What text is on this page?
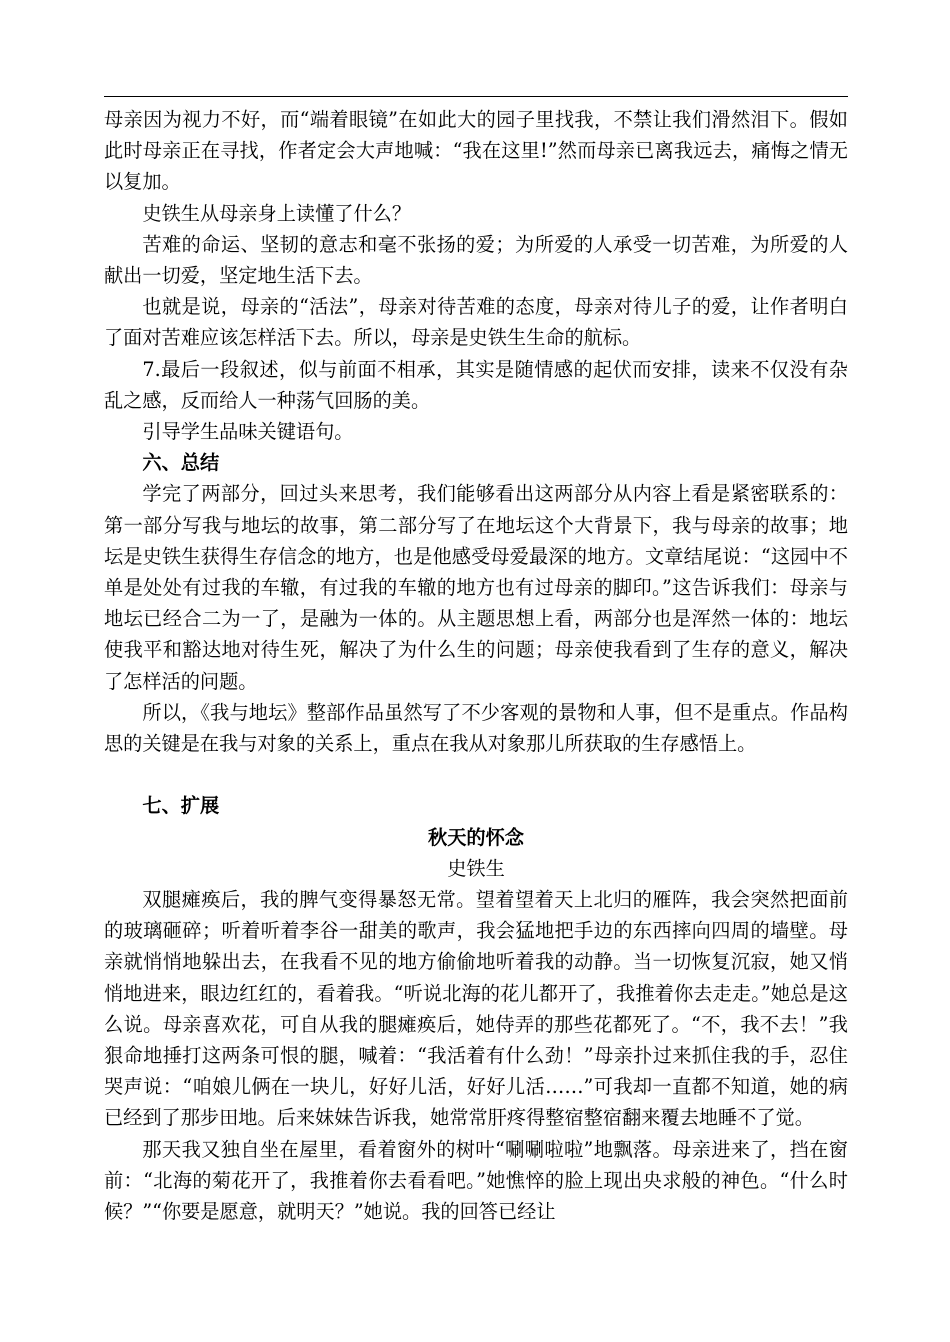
母亲因为视力不好，而“端着眼镜”在如此大的园子里找我，不禁让我们滑然泪下。假如此时母亲正在寻找，作者定会大声地喊：“我在这里!”然而母亲已离我远去，痛悔之情无以复加。

史铁生从母亲身上读懂了什么？

苦难的命运、坚韧的意志和毫不张扬的爱；为所爱的人承受一切苦难，为所爱的人献出一切爱，坚定地生活下去。

也就是说，母亲的“活法”，母亲对待苦难的态度，母亲对待儿子的爱，让作者明白了面对苦难应该怎样活下去。所以，母亲是史铁生生命的航标。

7.最后一段叙述，似与前面不相承，其实是随情感的起伏而安排，读来不仅没有杂乱之感，反而给人一种荡气回肠的美。

引导学生品味关键语句。

六、总结

学完了两部分，回过头来思考，我们能够看出这两部分从内容上看是紧密联系的：第一部分写我与地坛的故事，第二部分写了在地坛这个大背景下，我与母亲的故事；地坛是史铁生获得生存信念的地方，也是他感受母爱最深的地方。文章结尾说：“这园中不单是处处有过我的车辙，有过我的车辙的地方也有过母亲的脚印。”这告诉我们：母亲与地坛已经合二为一了，是融为一体的。从主题思想上看，两部分也是浑然一体的：地坛使我平和豁达地对待生死，解决了为什么生的问题；母亲使我看到了生存的意义，解决了怎样活的问题。

所以，《我与地坛》整部作品虽然写了不少客观的景物和人事，但不是重点。作品构思的关键是在我与对象的关系上，重点在我从对象那儿所获取的生存感悟上。

七、扩展

秋天的怀念

史铁生

双腿瘫痪后，我的脾气变得暴怒无常。望着望着天上北归的雁阵，我会突然把面前的玻璃砸碎；听着听着李谷一甜美的歌声，我会猛地把手边的东西摔向四周的墙壁。母亲就悄悄地躲出去，在我看不见的地方偷偷地听着我的动静。当一切恢复沉寂，她又悄悄地进来，眼边红红的，看着我。“听说北海的花儿都开了，我推着你去走走。”她总是这么说。母亲喜欢花，可自从我的腿瘫痪后，她侍弄的那些花都死了。“不，我不去！”我狠命地捶打这两条可恨的腿，喊着：“我活着有什么劲！”母亲扑过来抓住我的手，忍住哭声说：“咱娘儿俩在一块儿，好好儿活，好好儿活……”可我却一直都不知道，她的病已经到了那步田地。后来妹妹告诉我，她常常肝疼得整宿整宿翻来覆去地睡不了觉。

那天我又独自坐在屋里，看着窗外的树叶“唰唰啦啦”地飘落。母亲进来了，挡在窗前：“北海的菊花开了，我推着你去看看吧。”她憔悴的脸上现出央求般的神色。“什么时候？”“你要是愿意，就明天？”她说。我的回答已经让
